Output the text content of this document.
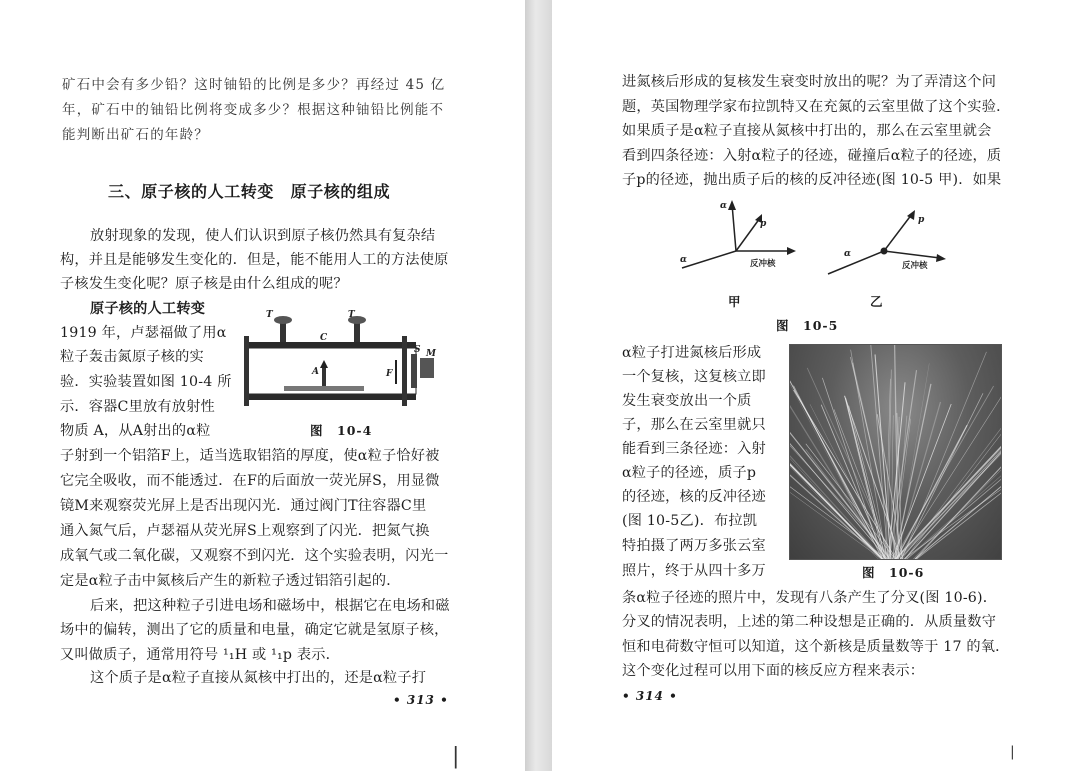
矿石中会有多少铅？这时铀铅的比例是多少？再经过 45 亿
年，矿石中的铀铅比例将变成多少？根据这种铀铅比例能不
能判断出矿石的年龄？
三、原子核的人工转变　原子核的组成
放射现象的发现，使人们认识到原子核仍然具有复杂结
构，并且是能够发生变化的．但是，能不能用人工的方法使原
子核发生变化呢？原子核是由什么组成的呢？
原子核的人工转变
1919 年，卢瑟福做了用α
粒子轰击氮原子核的实
验．实验装置如图 10-4 所
示．容器C里放有放射性
物质 A，从A射出的α粒
T	T
C
A	F
S M
图　10-4
子射到一个铝箔F上，适当选取铝箔的厚度，使α粒子恰好被
它完全吸收，而不能透过．在F的后面放一荧光屏S，用显微
镜M来观察荧光屏上是否出现闪光．通过阀门T往容器C里
通入氮气后，卢瑟福从荧光屏S上观察到了闪光．把氮气换
成氧气或二氧化碳，又观察不到闪光．这个实验表明，闪光一
定是α粒子击中氮核后产生的新粒子透过铝箔引起的．
后来，把这种粒子引进电场和磁场中，根据它在电场和磁
场中的偏转，测出了它的质量和电量，确定它就是氢原子核，
又叫做质子，通常用符号 ¹₁H 或 ¹₁p 表示．
这个质子是α粒子直接从氮核中打出的，还是α粒子打
• 313 •
|
进氮核后形成的复核发生衰变时放出的呢？为了弄清这个问
题，英国物理学家布拉凯特又在充氮的云室里做了这个实验．
如果质子是α粒子直接从氮核中打出的，那么在云室里就会
看到四条径迹：入射α粒子的径迹，碰撞后α粒子的径迹，质
子p的径迹，抛出质子后的核的反冲径迹(图 10-5 甲)．如果
α
α
p
反冲核
α
p
反冲核
甲	乙
图　10-5
α粒子打进氮核后形成
一个复核，这复核立即
发生衰变放出一个质
子，那么在云室里就只
能看到三条径迹：入射
α粒子的径迹，质子p
的径迹，核的反冲径迹
(图 10-5乙)．布拉凯
特拍摄了两万多张云室
照片，终于从四十多万	图　10-6
条α粒子径迹的照片中，发现有八条产生了分叉(图 10-6)．
分叉的情况表明，上述的第二种设想是正确的．从质量数守
恒和电荷数守恒可以知道，这个新核是质量数等于 17 的氧．
这个变化过程可以用下面的核反应方程来表示：
• 314 •
|
